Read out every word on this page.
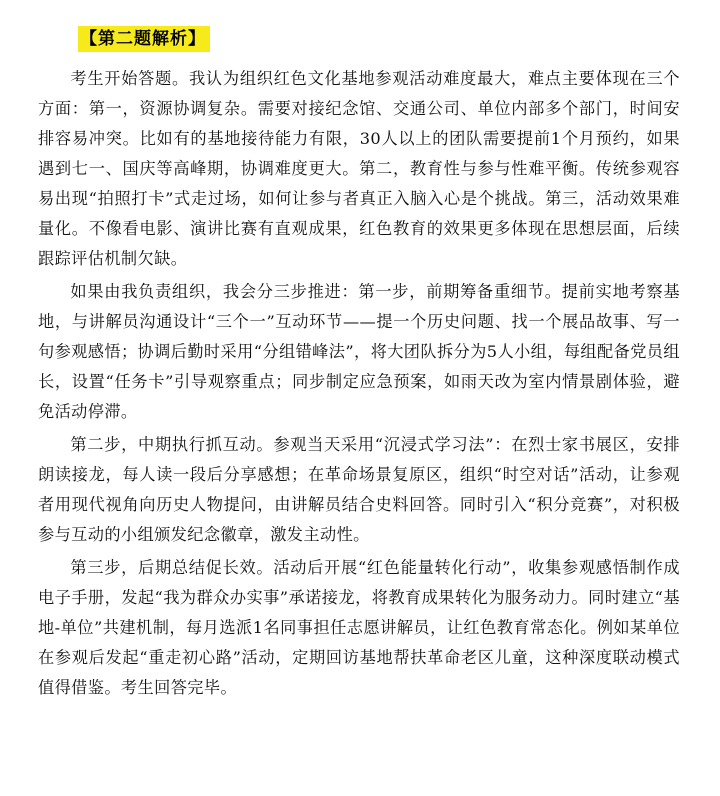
【第二题解析】

考生开始答题。我认为组织红色文化基地参观活动难度最大，难点主要体现在三个方面：第一，资源协调复杂。需要对接纪念馆、交通公司、单位内部多个部门，时间安排容易冲突。比如有的基地接待能力有限，30人以上的团队需要提前1个月预约，如果遇到七一、国庆等高峰期，协调难度更大。第二，教育性与参与性难平衡。传统参观容易出现“拍照打卡”式走过场，如何让参与者真正入脑入心是个挑战。第三，活动效果难量化。不像看电影、演讲比赛有直观成果，红色教育的效果更多体现在思想层面，后续跟踪评估机制欠缺。

如果由我负责组织，我会分三步推进：第一步，前期筹备重细节。提前实地考察基地，与讲解员沟通设计“三个一”互动环节——提一个历史问题、找一个展品故事、写一句参观感悟；协调后勤时采用“分组错峰法”，将大团队拆分为5人小组，每组配备党员组长，设置“任务卡”引导观察重点；同步制定应急预案，如雨天改为室内情景剧体验，避免活动停滞。

第二步，中期执行抓互动。参观当天采用“沉浸式学习法”：在烈士家书展区，安排朗读接龙，每人读一段后分享感想；在革命场景复原区，组织“时空对话”活动，让参观者用现代视角向历史人物提问，由讲解员结合史料回答。同时引入“积分竞赛”，对积极参与互动的小组颁发纪念徽章，激发主动性。

第三步，后期总结促长效。活动后开展“红色能量转化行动”，收集参观感悟制作成电子手册，发起“我为群众办实事”承诺接龙，将教育成果转化为服务动力。同时建立“基地-单位”共建机制，每月选派1名同事担任志愿讲解员，让红色教育常态化。例如某单位在参观后发起“重走初心路”活动，定期回访基地帮扶革命老区儿童，这种深度联动模式值得借鉴。考生回答完毕。
